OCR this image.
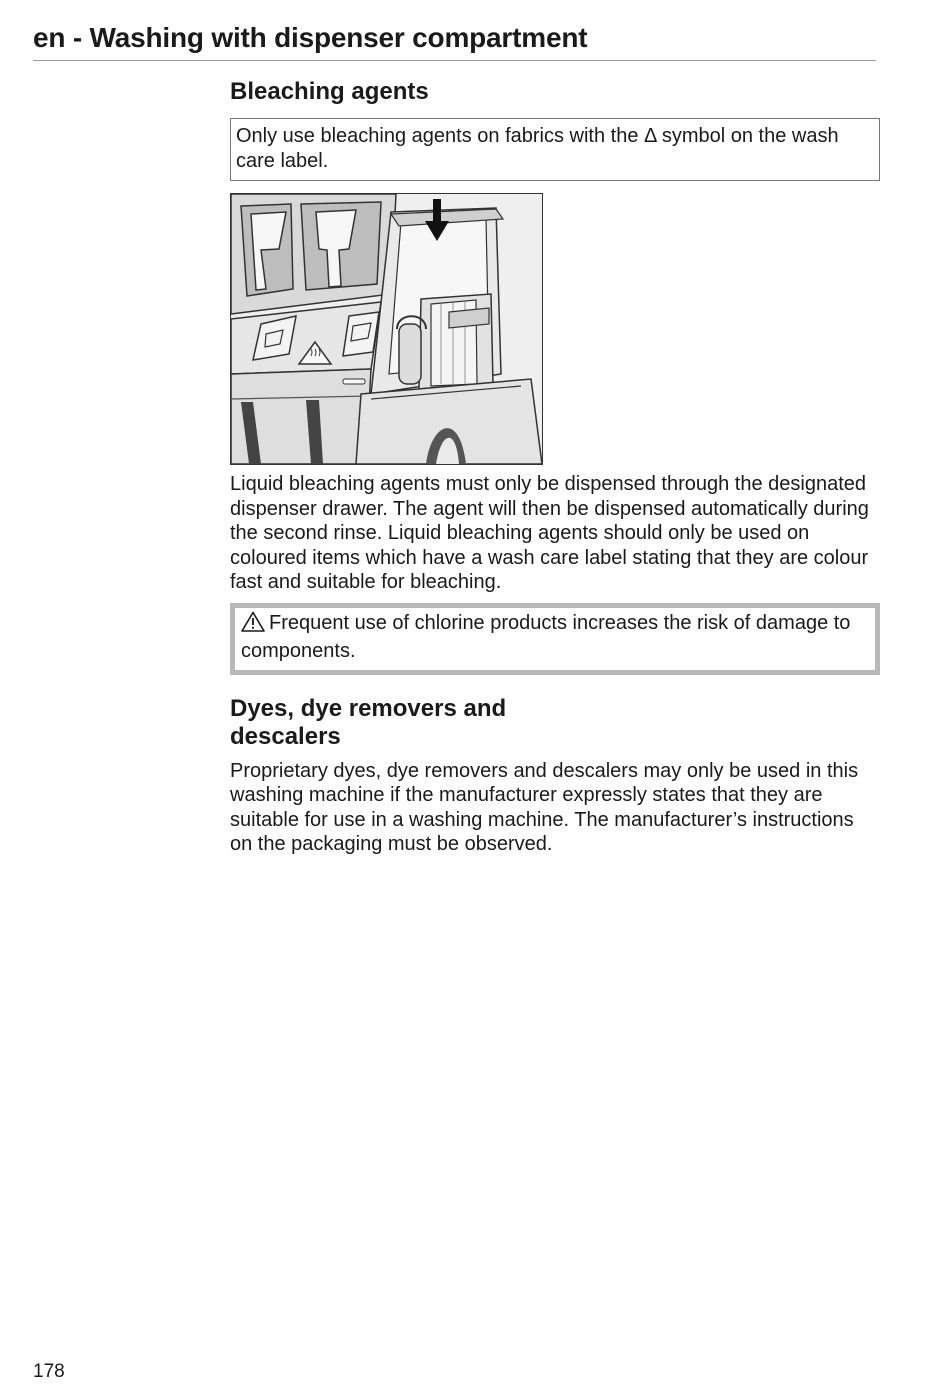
en - Washing with dispenser compartment
Bleaching agents
Only use bleaching agents on fabrics with the Δ symbol on the wash care label.

Liquid bleaching agents must only be dispensed through the designated dispenser drawer. The agent will then be dispensed automatically during the second rinse. Liquid bleaching agents should only be used on coloured items which have a wash care label stating that they are colour fast and suitable for bleaching.

Frequent use of chlorine products increases the risk of damage to components.
Dyes, dye removers and descalers

Proprietary dyes, dye removers and descalers may only be used in this washing machine if the manufacturer expressly states that they are suitable for use in a washing machine. The manufacturer’s instructions on the packaging must be observed.

178
